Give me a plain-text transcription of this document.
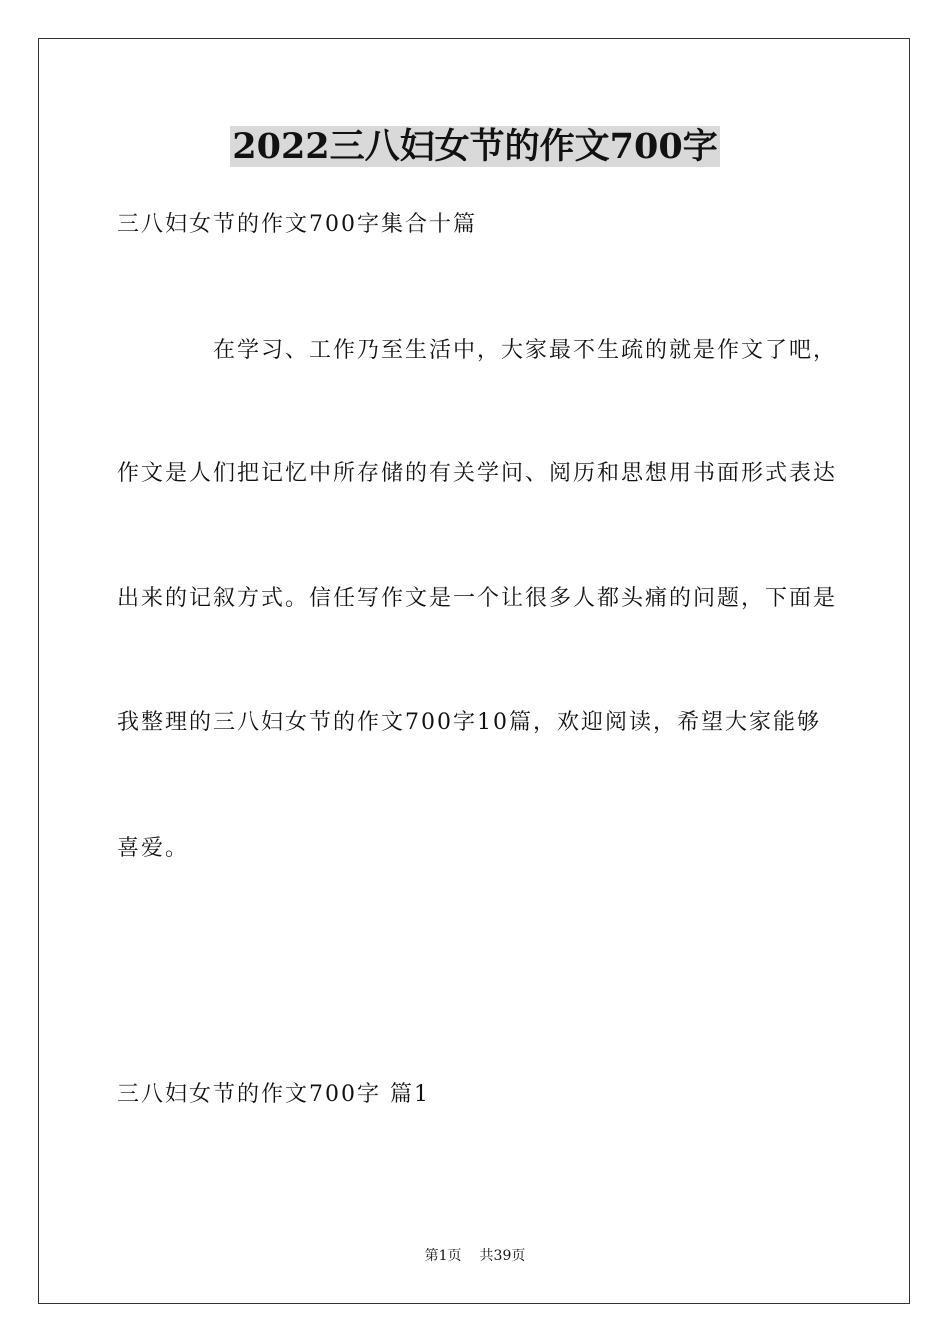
2022三八妇女节的作文700字
三八妇女节的作文700字集合十篇
在学习、工作乃至生活中，大家最不生疏的就是作文了吧，
作文是人们把记忆中所存储的有关学问、阅历和思想用书面形式表达
出来的记叙方式。信任写作文是一个让很多人都头痛的问题，下面是
我整理的三八妇女节的作文700字10篇，欢迎阅读，希望大家能够
喜爱。
三八妇女节的作文700字 篇1
第1页 共39页
